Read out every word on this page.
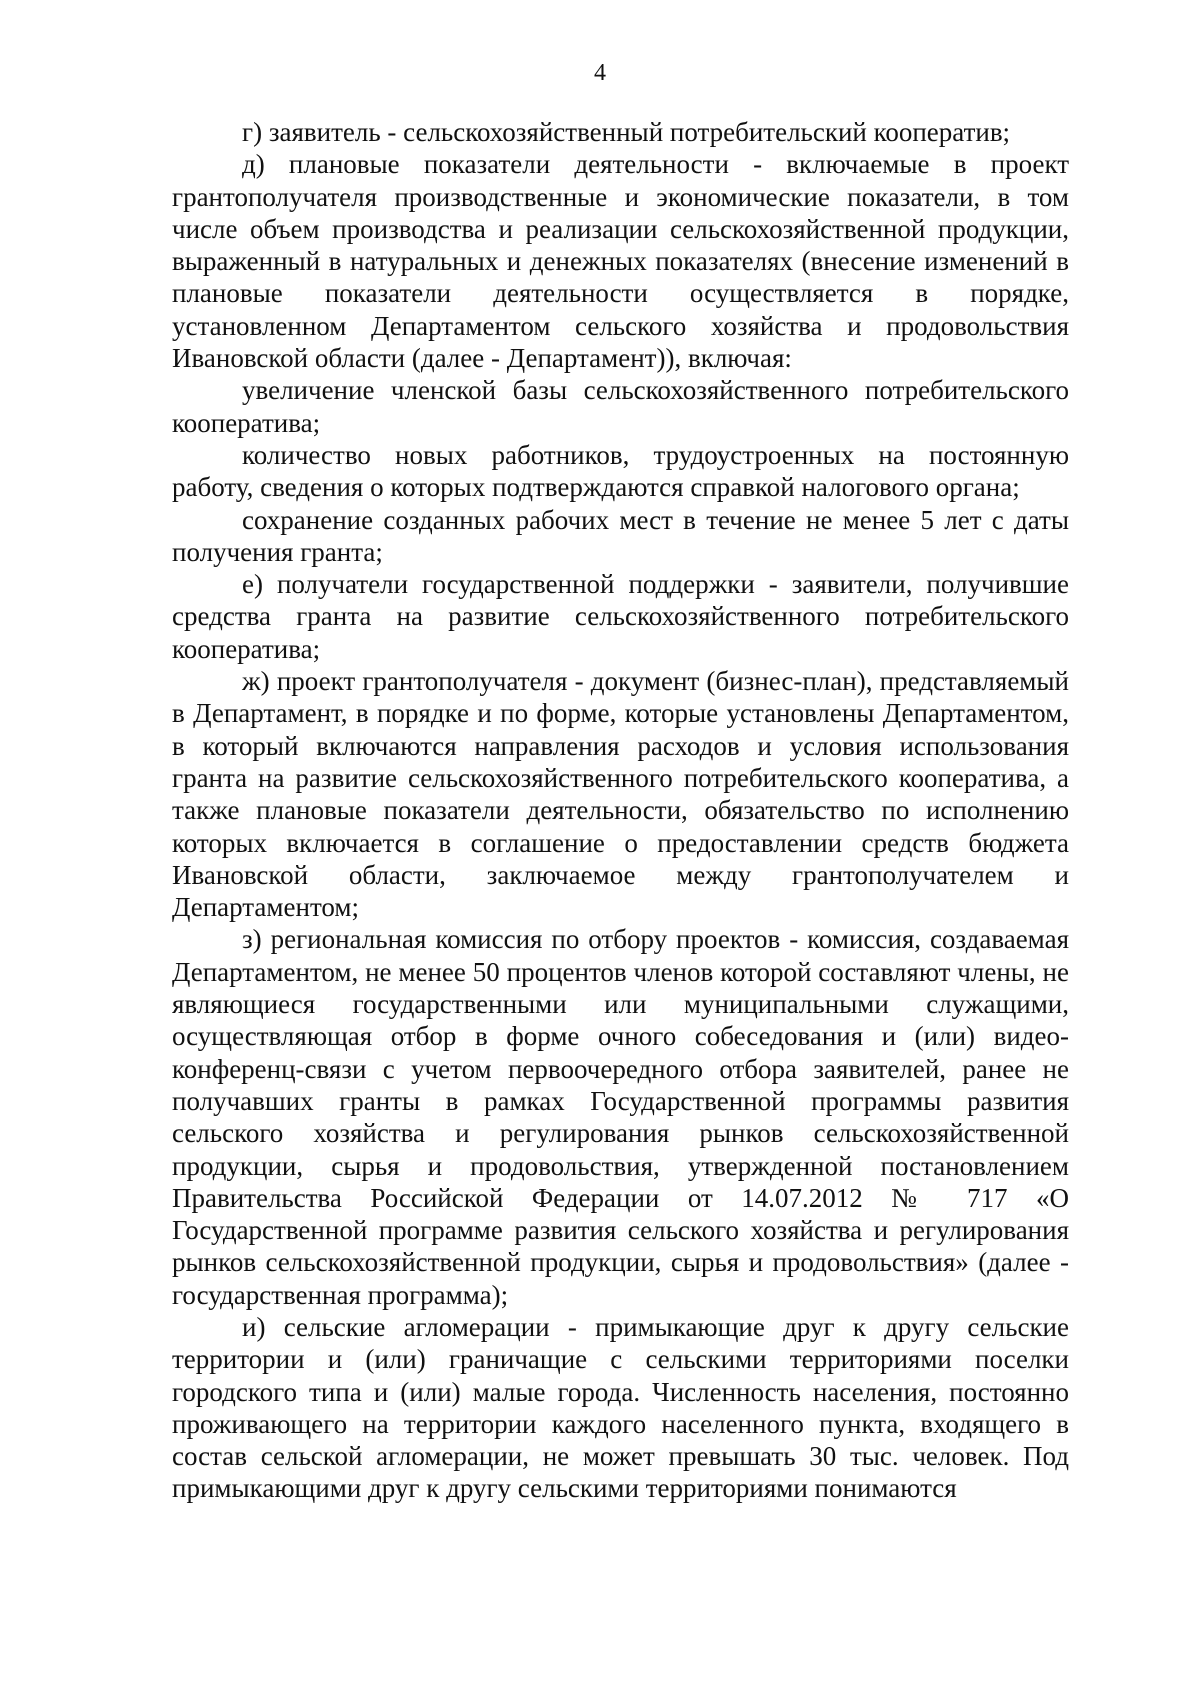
4

г) заявитель - сельскохозяйственный потребительский кооператив;

д) плановые показатели деятельности - включаемые в проект грантополучателя производственные и экономические показатели, в том числе объем производства и реализации сельскохозяйственной продукции, выраженный в натуральных и денежных показателях (внесение изменений в плановые показатели деятельности осуществляется в порядке, установленном Департаментом сельского хозяйства и продовольствия Ивановской области (далее - Департамент)), включая:

увеличение членской базы сельскохозяйственного потребительского кооператива;

количество новых работников, трудоустроенных на постоянную работу, сведения о которых подтверждаются справкой налогового органа;

сохранение созданных рабочих мест в течение не менее 5 лет с даты получения гранта;

е) получатели государственной поддержки - заявители, получившие средства гранта на развитие сельскохозяйственного потребительского кооператива;

ж) проект грантополучателя - документ (бизнес-план), представляемый в Департамент, в порядке и по форме, которые установлены Департаментом, в который включаются направления расходов и условия использования гранта на развитие сельскохозяйственного потребительского кооператива, а также плановые показатели деятельности, обязательство по исполнению которых включается в соглашение о предоставлении средств бюджета Ивановской области, заключаемое между грантополучателем и Департаментом;

з) региональная комиссия по отбору проектов - комиссия, создаваемая Департаментом, не менее 50 процентов членов которой составляют члены, не являющиеся государственными или муниципальными служащими, осуществляющая отбор в форме очного собеседования и (или) видео-конференц-связи с учетом первоочередного отбора заявителей, ранее не получавших гранты в рамках Государственной программы развития сельского хозяйства и регулирования рынков сельскохозяйственной продукции, сырья и продовольствия, утвержденной постановлением Правительства Российской Федерации от 14.07.2012 № 717 «О Государственной программе развития сельского хозяйства и регулирования рынков сельскохозяйственной продукции, сырья и продовольствия» (далее - государственная программа);

и) сельские агломерации - примыкающие друг к другу сельские территории и (или) граничащие с сельскими территориями поселки городского типа и (или) малые города. Численность населения, постоянно проживающего на территории каждого населенного пункта, входящего в состав сельской агломерации, не может превышать 30 тыс. человек. Под примыкающими друг к другу сельскими территориями понимаются
